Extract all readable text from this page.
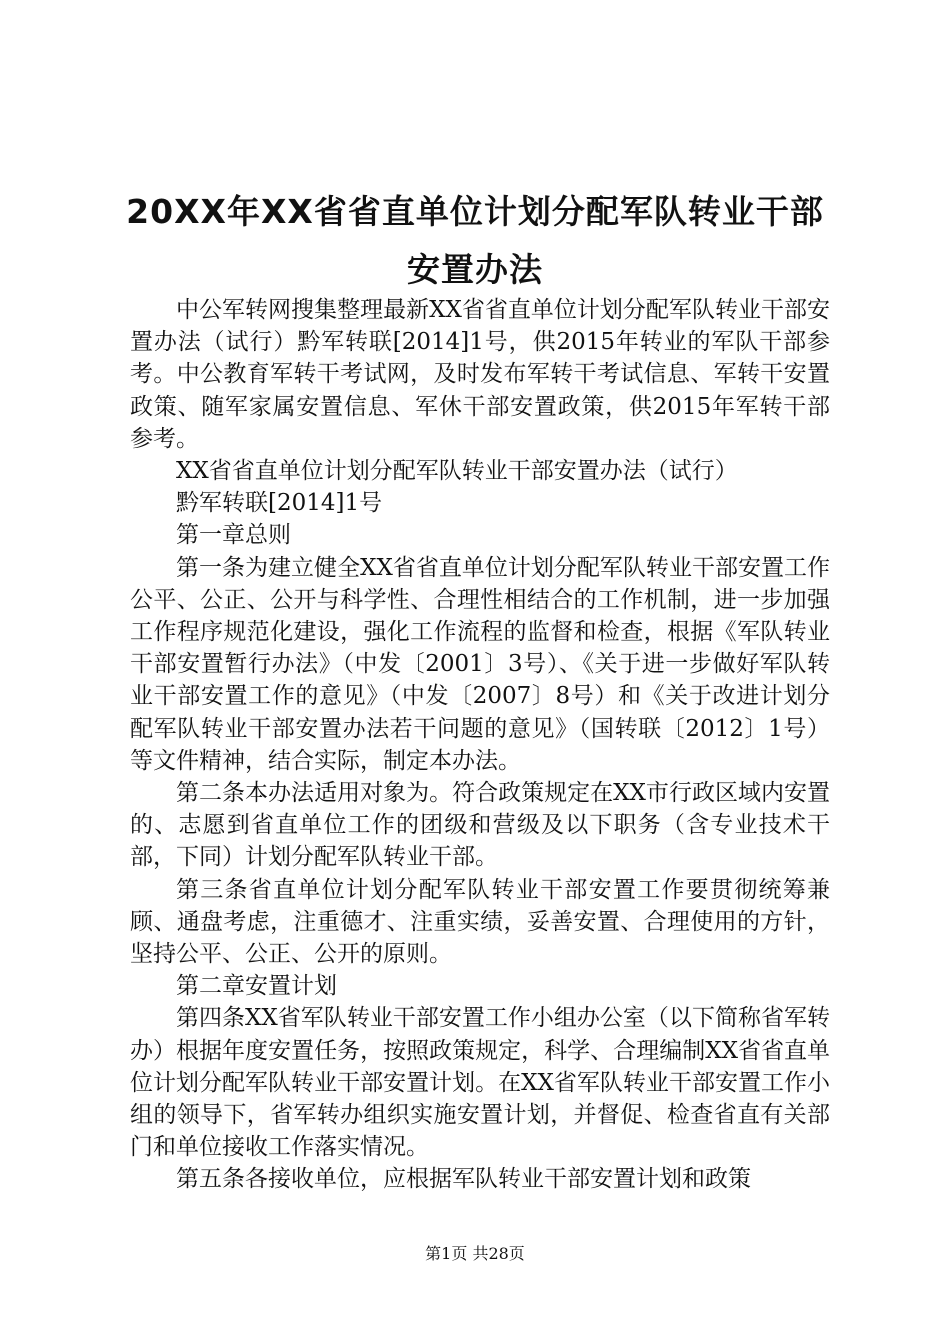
20XX年XX省省直单位计划分配军队转业干部
安置办法

中公军转网搜集整理最新XX省省直单位计划分配军队转业干部安置办法（试行）黔军转联[2014]1号，供2015年转业的军队干部参考。中公教育军转干考试网，及时发布军转干考试信息、军转干安置政策、随军家属安置信息、军休干部安置政策，供2015年军转干部参考。

XX省省直单位计划分配军队转业干部安置办法（试行）

黔军转联[2014]1号

第一章总则

第一条为建立健全XX省省直单位计划分配军队转业干部安置工作公平、公正、公开与科学性、合理性相结合的工作机制，进一步加强工作程序规范化建设，强化工作流程的监督和检查，根据《军队转业干部安置暂行办法》（中发〔2001〕3号）、《关于进一步做好军队转业干部安置工作的意见》（中发〔2007〕8号）和《关于改进计划分配军队转业干部安置办法若干问题的意见》（国转联〔2012〕1号）等文件精神，结合实际，制定本办法。

第二条本办法适用对象为。符合政策规定在XX市行政区域内安置的、志愿到省直单位工作的团级和营级及以下职务（含专业技术干部，下同）计划分配军队转业干部。

第三条省直单位计划分配军队转业干部安置工作要贯彻统筹兼顾、通盘考虑，注重德才、注重实绩，妥善安置、合理使用的方针，坚持公平、公正、公开的原则。

第二章安置计划

第四条XX省军队转业干部安置工作小组办公室（以下简称省军转办）根据年度安置任务，按照政策规定，科学、合理编制XX省省直单位计划分配军队转业干部安置计划。在XX省军队转业干部安置工作小组的领导下，省军转办组织实施安置计划，并督促、检查省直有关部门和单位接收工作落实情况。

第五条各接收单位，应根据军队转业干部安置计划和政策

第1页 共28页
